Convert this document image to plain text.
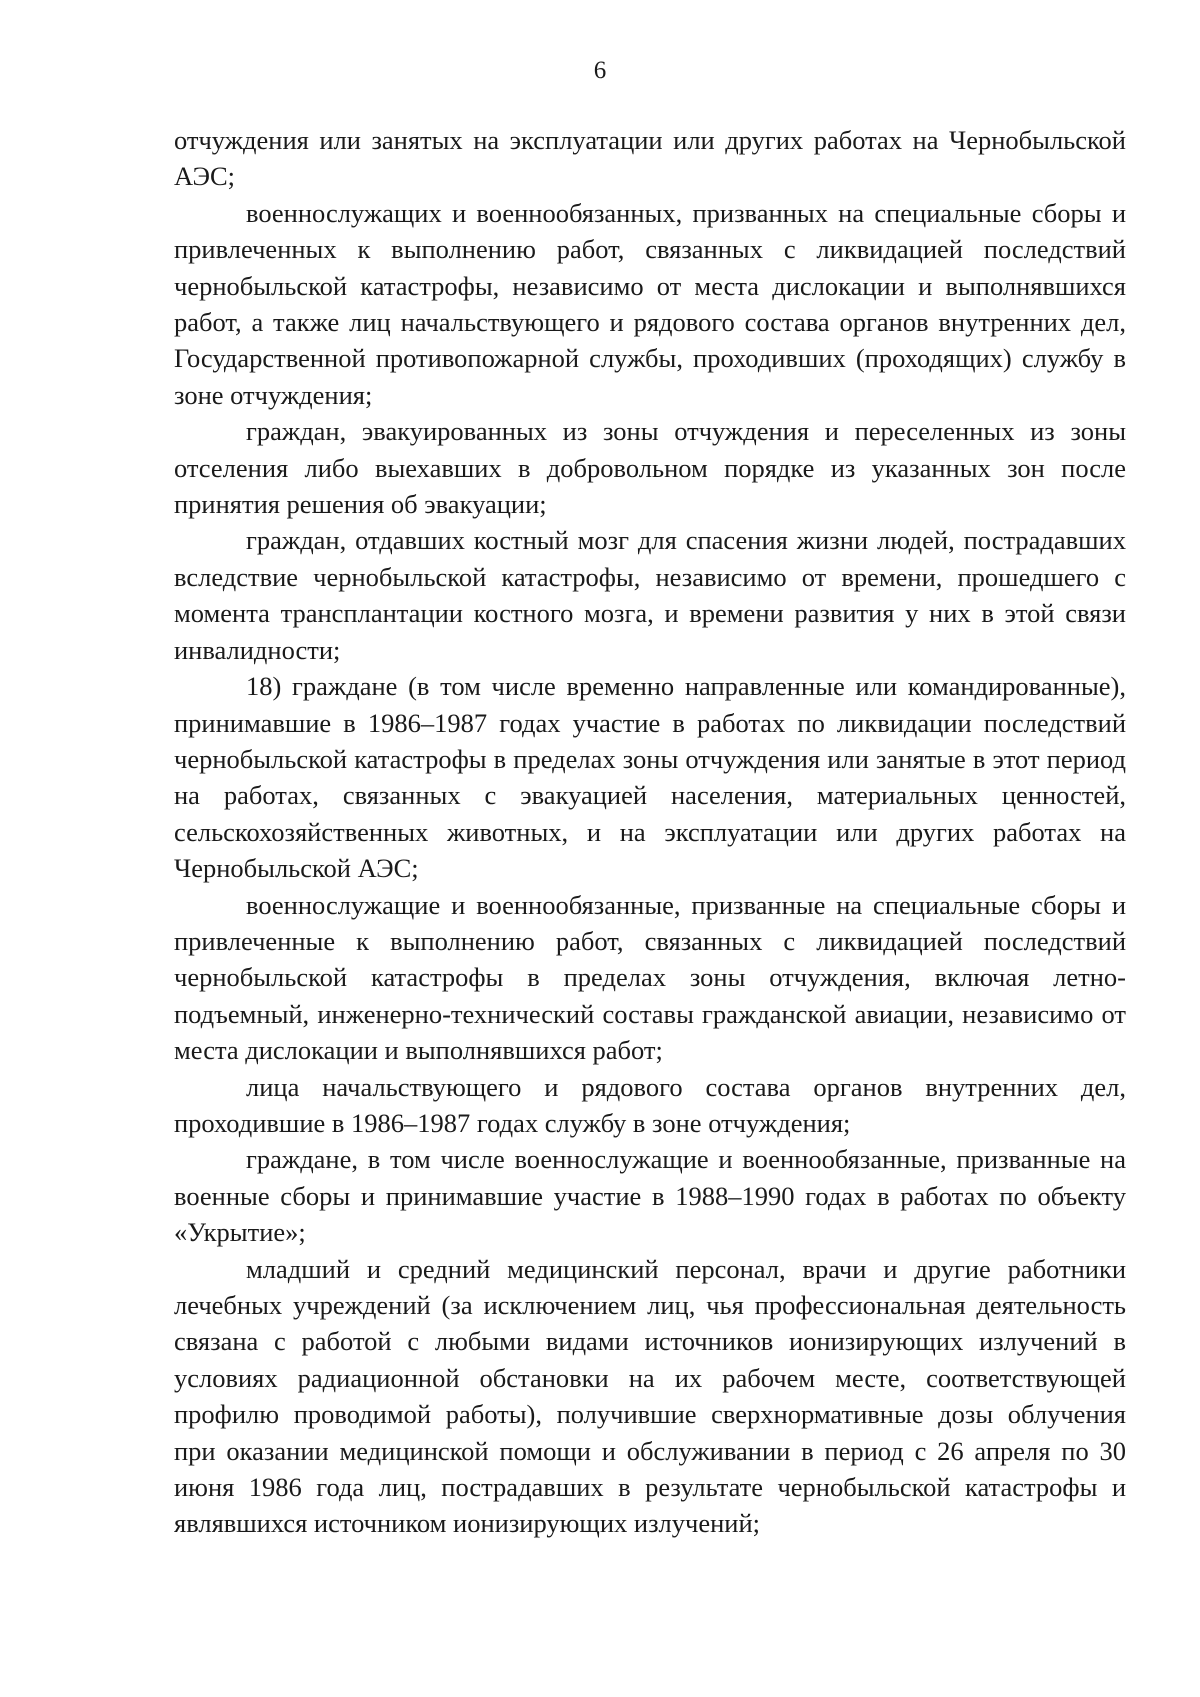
6

отчуждения или занятых на эксплуатации или других работах на Чернобыльской АЭС;

военнослужащих и военнообязанных, призванных на специальные сборы и привлеченных к выполнению работ, связанных с ликвидацией последствий чернобыльской катастрофы, независимо от места дислокации и выполнявшихся работ, а также лиц начальствующего и рядового состава органов внутренних дел, Государственной противопожарной службы, проходивших (проходящих) службу в зоне отчуждения;

граждан, эвакуированных из зоны отчуждения и переселенных из зоны отселения либо выехавших в добровольном порядке из указанных зон после принятия решения об эвакуации;

граждан, отдавших костный мозг для спасения жизни людей, пострадавших вследствие чернобыльской катастрофы, независимо от времени, прошедшего с момента трансплантации костного мозга, и времени развития у них в этой связи инвалидности;

18) граждане (в том числе временно направленные или командированные), принимавшие в 1986–1987 годах участие в работах по ликвидации последствий чернобыльской катастрофы в пределах зоны отчуждения или занятые в этот период на работах, связанных с эвакуацией населения, материальных ценностей, сельскохозяйственных животных, и на эксплуатации или других работах на Чернобыльской АЭС;

военнослужащие и военнообязанные, призванные на специальные сборы и привлеченные к выполнению работ, связанных с ликвидацией последствий чернобыльской катастрофы в пределах зоны отчуждения, включая летно-подъемный, инженерно-технический составы гражданской авиации, независимо от места дислокации и выполнявшихся работ;

лица начальствующего и рядового состава органов внутренних дел, проходившие в 1986–1987 годах службу в зоне отчуждения;

граждане, в том числе военнослужащие и военнообязанные, призванные на военные сборы и принимавшие участие в 1988–1990 годах в работах по объекту «Укрытие»;

младший и средний медицинский персонал, врачи и другие работники лечебных учреждений (за исключением лиц, чья профессиональная деятельность связана с работой с любыми видами источников ионизирующих излучений в условиях радиационной обстановки на их рабочем месте, соответствующей профилю проводимой работы), получившие сверхнормативные дозы облучения при оказании медицинской помощи и обслуживании в период с 26 апреля по 30 июня 1986 года лиц, пострадавших в результате чернобыльской катастрофы и являвшихся источником ионизирующих излучений;
